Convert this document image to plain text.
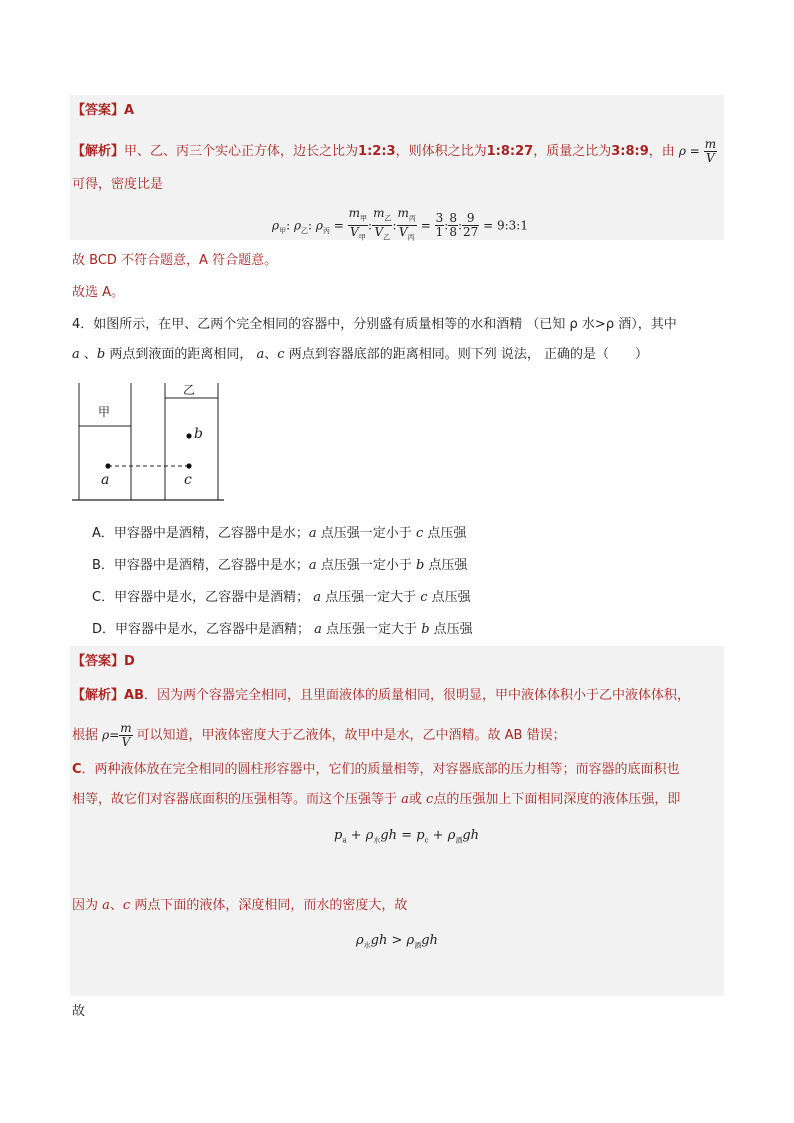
【答案】A
【解析】甲、乙、丙三个实心正方体，边长之比为1:2:3，则体积之比为1:8:27，质量之比为3:8:9，由 $\rho = \frac{m}{V}$
可得，密度比是
$\rho_甲$: $\rho_乙$: $\rho_丙 = \frac{m_甲}{V_甲}$ : $\frac{m_乙}{V_乙}$ : $\frac{m_丙}{V_丙} = \frac{3}{1}$ : $\frac{8}{8}$ : $\frac{9}{27}$ = 9:3:1
故 BCD 不符合题意，A 符合题意。
故选 A。
4．如图所示，在甲、乙两个完全相同的容器中，分别盛有质量相等的水和酒精 （已知 ρ 水>ρ 酒），其中
a 、b 两点到液面的距离相同， a、c 两点到容器底部的距离相同。则下列 说法， 正确的是（　　）
甲
乙
a
b
c
A．甲容器中是酒精，乙容器中是水；a 点压强一定小于 c 点压强
B．甲容器中是酒精，乙容器中是水；a 点压强一定小于 b 点压强
C．甲容器中是水，乙容器中是酒精； a 点压强一定大于 c 点压强
D．甲容器中是水，乙容器中是酒精； a 点压强一定大于 b 点压强
【答案】D
【解析】AB．因为两个容器完全相同，且里面液体的质量相同，很明显，甲中液体体积小于乙中液体体积，
根据 $\rho= \frac{m}{V}$ 可以知道，甲液体密度大于乙液体，故甲中是水，乙中酒精。故 AB 错误；
C．两种液体放在完全相同的圆柱形容器中，它们的质量相等，对容器底部的压力相等；而容器的底面积也
相等，故它们对容器底面积的压强相等。而这个压强等于 a或 c点的压强加上下面相同深度的液体压强，即
$p_a + \rho_水gh = p_c + \rho_酒gh$
因为 a、c 两点下面的液体，深度相同，而水的密度大，故
$\rho_水gh > \rho_酒gh$
故
